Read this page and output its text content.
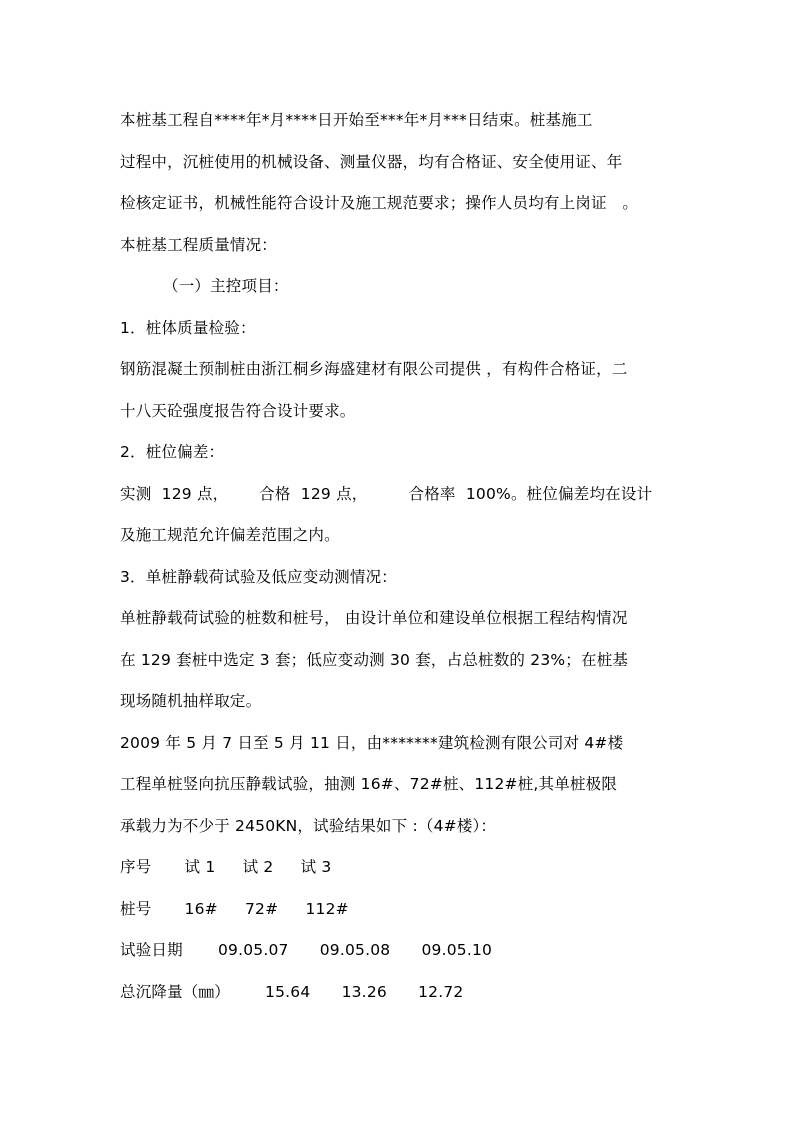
本桩基工程自****年*月****日开始至***年*月***日结束。桩基施工
过程中，沉桩使用的机械设备、测量仪器，均有合格证、安全使用证、年
检核定证书，机械性能符合设计及施工规范要求；操作人员均有上岗证　。
本桩基工程质量情况：
（一）主控项目：
1．桩体质量检验：
钢筋混凝土预制桩由浙江桐乡海盛建材有限公司提供 ，有构件合格证，二
十八天砼强度报告符合设计要求。
2．桩位偏差：
实测  129 点，      合格  129 点，        合格率  100%。桩位偏差均在设计
及施工规范允许偏差范围之内。
3．单桩静载荷试验及低应变动测情况：
单桩静载荷试验的桩数和桩号， 由设计单位和建设单位根据工程结构情况
在 129 套桩中选定 3 套；低应变动测 30 套，占总桩数的 23%；在桩基
现场随机抽样取定。
2009 年 5 月 7 日至 5 月 11 日，由*******建筑检测有限公司对 4#楼
工程单桩竖向抗压静载试验，抽测 16#、72#桩、112#桩,其单桩极限
承载力为不少于 2450KN，试验结果如下 :（4#楼）：
序号 试 1 试 2 试 3
桩号 16# 72# 112#
试验日期 09.05.07 09.05.08 09.05.10
总沉降量（㎜） 15.64 13.26 12.72
